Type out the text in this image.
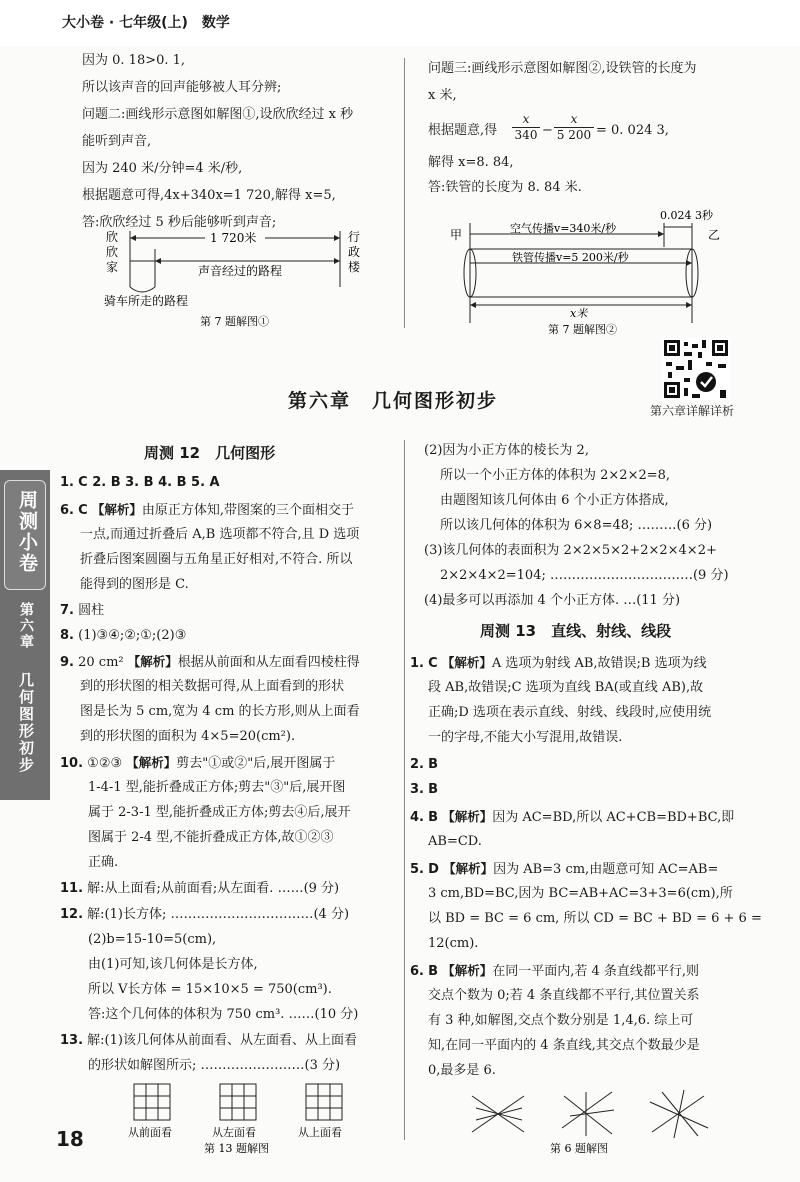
大小卷 · 七年级(上)　数学
因为 0. 18>0. 1,
所以该声音的回声能够被人耳分辨;
问题二:画线形示意图如解图①,设欣欣经过 x 秒
能听到声音,
因为 240 米/分钟=4 米/秒,
根据题意可得,4x+340x=1 720,解得 x=5,
答:欣欣经过 5 秒后能够听到声音;
欣
欣
家
行
政
楼
1 720米
声音经过的路程
骑车所走的路程
第 7 题解图①
问题三:画线形示意图如解图②,设铁管的长度为
x 米,
根据题意,得
x
340 −
x
5 200 = 0. 024 3,
解得 x=8. 84,
答:铁管的长度为 8. 84 米.
0.024 3秒
甲	乙
空气传播v=340米/秒
铁管传播v=5 200米/秒
x米
第 7 题解图②
第六章详解详析
第六章　几何图形初步
周测小卷
第六章
几何图形初步
周测 12　几何图形
1. C 2. B 3. B 4. B 5. A
6. C 【解析】由原正方体知,带图案的三个面相交于
一点,而通过折叠后 A,B 选项都不符合,且 D 选项
折叠后图案圆圈与五角星正好相对,不符合. 所以
能得到的图形是 C.
7. 圆柱
8. (1)③④;②;①;(2)③
9. 20 cm² 【解析】根据从前面和从左面看四棱柱得
到的形状图的相关数据可得,从上面看到的形状
图是长为 5 cm,宽为 4 cm 的长方形,则从上面看
到的形状图的面积为 4×5=20(cm²).
10. ①②③ 【解析】剪去"①或②"后,展开图属于
1-4-1 型,能折叠成正方体;剪去"③"后,展开图
属于 2-3-1 型,能折叠成正方体;剪去④后,展开
图属于 2-4 型,不能折叠成正方体,故①②③
正确.
11. 解:从上面看;从前面看;从左面看. ……(9 分)
12. 解:(1)长方体; ……………………………(4 分)
(2)b=15-10=5(cm),
由(1)可知,该几何体是长方体,
所以 V长方体 = 15×10×5 = 750(cm³).
答:这个几何体的体积为 750 cm³. ……(10 分)
13. 解:(1)该几何体从前面看、从左面看、从上面看
的形状如解图所示; ……………………(3 分)
从前面看	从左面看	从上面看
第 13 题解图
18
(2)因为小正方体的棱长为 2,
所以一个小正方体的体积为 2×2×2=8,
由题图知该几何体由 6 个小正方体搭成,
所以该几何体的体积为 6×8=48; ………(6 分)
(3)该几何体的表面积为 2×2×5×2+2×2×4×2+
2×2×4×2=104; ……………………………(9 分)
(4)最多可以再添加 4 个小正方体. …(11 分)
周测 13　直线、射线、线段
1. C 【解析】A 选项为射线 AB,故错误;B 选项为线
段 AB,故错误;C 选项为直线 BA(或直线 AB),故
正确;D 选项在表示直线、射线、线段时,应使用统
一的字母,不能大小写混用,故错误.
2. B
3. B
4. B 【解析】因为 AC=BD,所以 AC+CB=BD+BC,即
AB=CD.
5. D 【解析】因为 AB=3 cm,由题意可知 AC=AB=
3 cm,BD=BC,因为 BC=AB+AC=3+3=6(cm),所
以 BD = BC = 6 cm, 所以 CD = BC + BD = 6 + 6 =
12(cm).
6. B 【解析】在同一平面内,若 4 条直线都平行,则
交点个数为 0;若 4 条直线都不平行,其位置关系
有 3 种,如解图,交点个数分别是 1,4,6. 综上可
知,在同一平面内的 4 条直线,其交点个数最少是
0,最多是 6.
第 6 题解图
